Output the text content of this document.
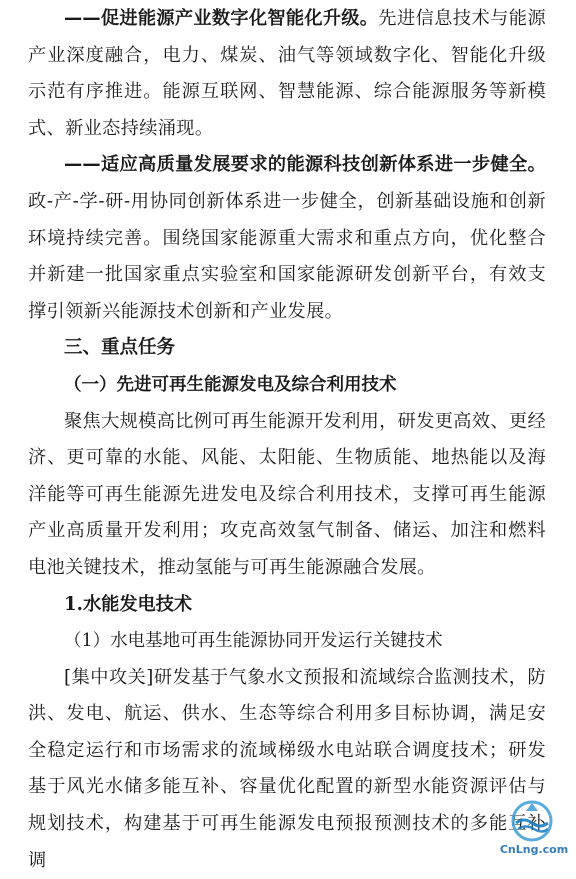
——促进能源产业数字化智能化升级。先进信息技术与能源产业深度融合，电力、煤炭、油气等领域数字化、智能化升级示范有序推进。能源互联网、智慧能源、综合能源服务等新模式、新业态持续涌现。

——适应高质量发展要求的能源科技创新体系进一步健全。政-产-学-研-用协同创新体系进一步健全，创新基础设施和创新环境持续完善。围绕国家能源重大需求和重点方向，优化整合并新建一批国家重点实验室和国家能源研发创新平台，有效支撑引领新兴能源技术创新和产业发展。

三、重点任务

（一）先进可再生能源发电及综合利用技术

聚焦大规模高比例可再生能源开发利用，研发更高效、更经济、更可靠的水能、风能、太阳能、生物质能、地热能以及海洋能等可再生能源先进发电及综合利用技术，支撑可再生能源产业高质量开发利用；攻克高效氢气制备、储运、加注和燃料电池关键技术，推动氢能与可再生能源融合发展。

1.水能发电技术

（1）水电基地可再生能源协同开发运行关键技术

[集中攻关]研发基于气象水文预报和流域综合监测技术，防洪、发电、航运、供水、生态等综合利用多目标协调，满足安全稳定运行和市场需求的流域梯级水电站联合调度技术；研发基于风光水储多能互补、容量优化配置的新型水能资源评估与规划技术，构建基于可再生能源发电预报预测技术的多能互补调

CnLng.com
